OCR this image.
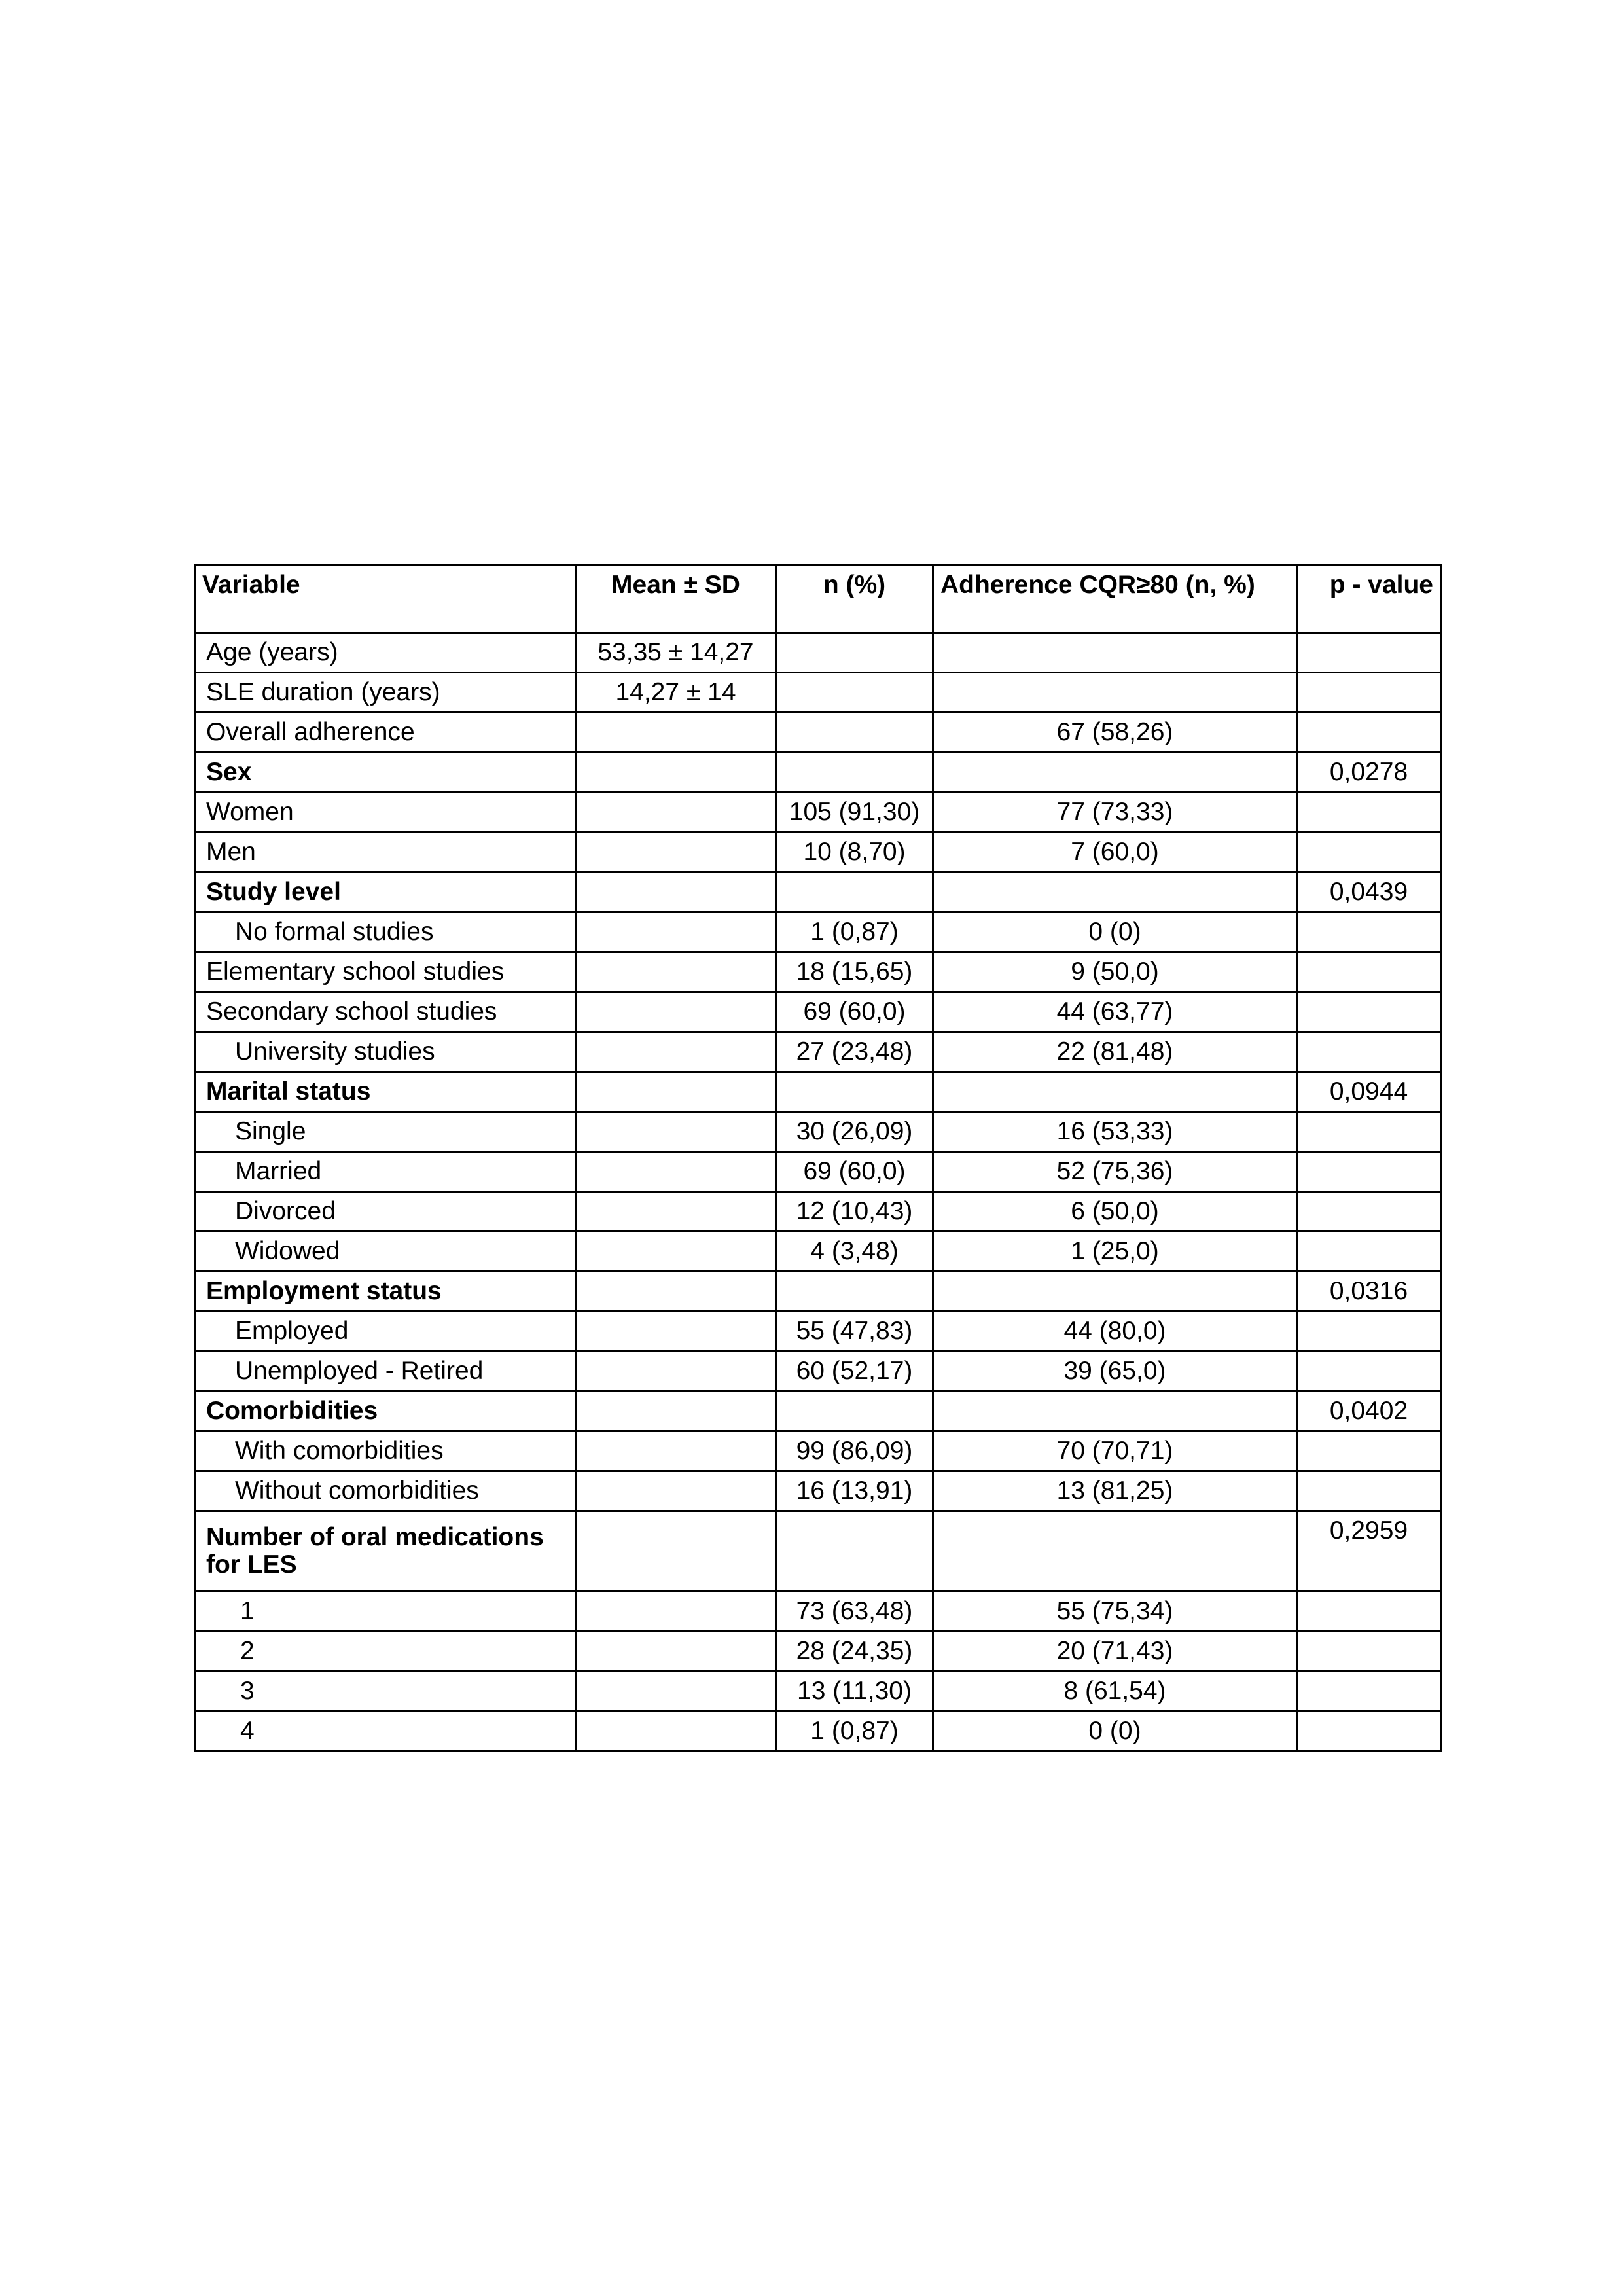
Variable	Mean ± SD	n (%)	Adherence CQR≥80 (n, %)	p - value
Age (years)	53,35 ± 14,27			
SLE duration (years)	14,27 ± 14			
Overall adherence			67 (58,26)	
Sex				0,0278
Women		105 (91,30)	77 (73,33)	
Men		10 (8,70)	7 (60,0)	
Study level				0,0439
No formal studies		1 (0,87)	0 (0)	
Elementary school studies		18 (15,65)	9 (50,0)	
Secondary school studies		69 (60,0)	44 (63,77)	
University studies		27 (23,48)	22 (81,48)	
Marital status				0,0944
Single		30 (26,09)	16 (53,33)	
Married		69 (60,0)	52 (75,36)	
Divorced		12 (10,43)	6 (50,0)	
Widowed		4 (3,48)	1 (25,0)	
Employment status				0,0316
Employed		55 (47,83)	44 (80,0)	
Unemployed - Retired		60 (52,17)	39 (65,0)	
Comorbidities				0,0402
With comorbidities		99 (86,09)	70 (70,71)	
Without comorbidities		16 (13,91)	13 (81,25)	
Number of oral medications for LES				0,2959
1		73 (63,48)	55 (75,34)	
2		28 (24,35)	20 (71,43)	
3		13 (11,30)	8 (61,54)	
4		1 (0,87)	0 (0)	
